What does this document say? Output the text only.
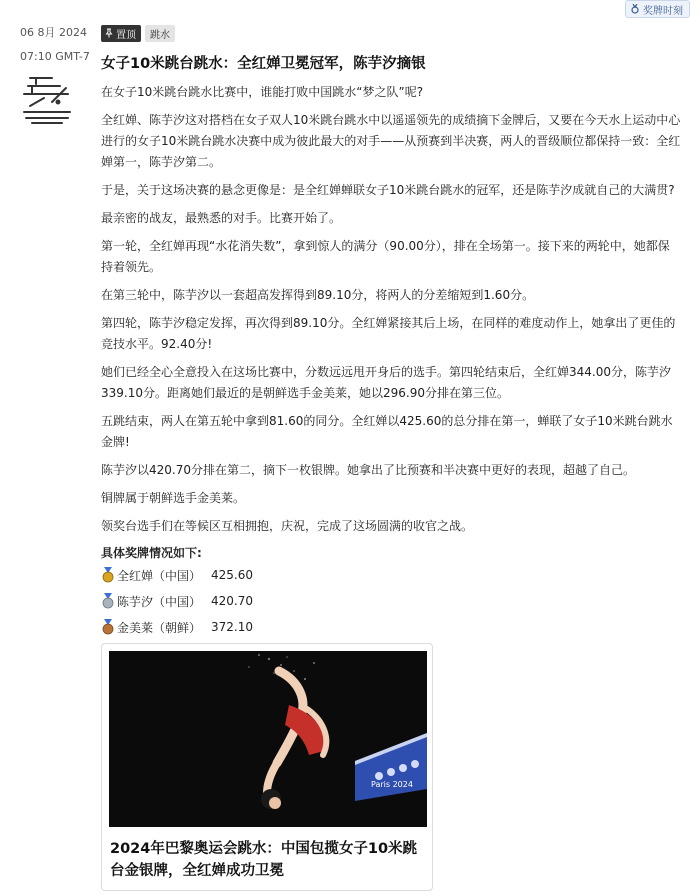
06 8月 2024
07:10 GMT-7
奖牌时刻
置顶	跳水
女子10米跳台跳水：全红婵卫冕冠军，陈芋汐摘银

在女子10米跳台跳水比赛中，谁能打败中国跳水“梦之队”呢?

全红婵、陈芋汐这对搭档在女子双人10米跳台跳水中以遥遥领先的成绩摘下金牌后，又要在今天水上运动中心进行的女子10米跳台跳水决赛中成为彼此最大的对手——从预赛到半决赛，两人的晋级顺位都保持一致：全红婵第一，陈芋汐第二。

于是，关于这场决赛的悬念更像是：是全红婵蝉联女子10米跳台跳水的冠军，还是陈芋汐成就自己的大满贯?

最亲密的战友，最熟悉的对手。比赛开始了。

第一轮，全红婵再现“水花消失数”，拿到惊人的满分（90.00分），排在全场第一。接下来的两轮中，她都保持着领先。

在第三轮中，陈芋汐以一套超高发挥得到89.10分，将两人的分差缩短到1.60分。

第四轮，陈芋汐稳定发挥，再次得到89.10分。全红婵紧接其后上场，在同样的难度动作上，她拿出了更佳的竞技水平。92.40分!

她们已经全心全意投入在这场比赛中，分数远远甩开身后的选手。第四轮结束后，全红婵344.00分，陈芋汐339.10分。距离她们最近的是朝鲜选手金美莱，她以296.90分排在第三位。

五跳结束，两人在第五轮中拿到81.60的同分。全红婵以425.60的总分排在第一，蝉联了女子10米跳台跳水金牌!

陈芋汐以420.70分排在第二，摘下一枚银牌。她拿出了比预赛和半决赛中更好的表现，超越了自己。

铜牌属于朝鲜选手金美莱。

领奖台选手们在等候区互相拥抱，庆祝，完成了这场圆满的收官之战。

具体奖牌情况如下:
全红婵（中国） 425.60
陈芋汐（中国） 420.70
金美莱（朝鲜） 372.10
Paris 2024
2024年巴黎奥运会跳水：中国包揽女子10米跳台金银牌，全红婵成功卫冕
